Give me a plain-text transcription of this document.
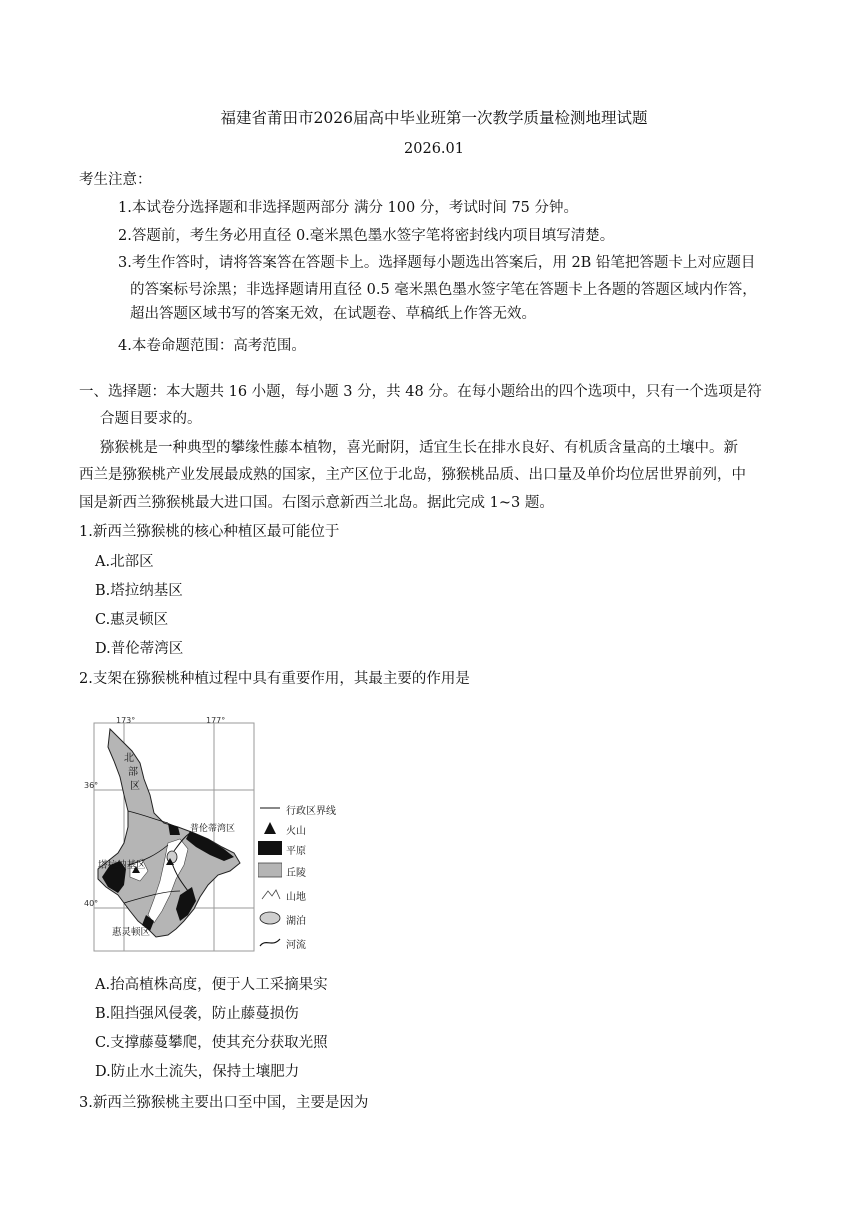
福建省莆田市2026届高中毕业班第一次教学质量检测地理试题
2026.01
考生注意：
1.本试卷分选择题和非选择题两部分 满分 100 分，考试时间 75 分钟。
2.答题前，考生务必用直径 0.毫米黑色墨水签字笔将密封线内项目填写清楚。
3.考生作答时，请将答案答在答题卡上。选择题每小题选出答案后，用 2B 铅笔把答题卡上对应题目
的答案标号涂黑；非选择题请用直径 0.5 毫米黑色墨水签字笔在答题卡上各题的答题区域内作答，
超出答题区域书写的答案无效，在试题卷、草稿纸上作答无效。
4.本卷命题范围：高考范围。
一、选择题：本大题共 16 小题，每小题 3 分，共 48 分。在每小题给出的四个选项中，只有一个选项是符
合题目要求的。
猕猴桃是一种典型的攀缘性藤本植物，喜光耐阴，适宜生长在排水良好、有机质含量高的土壤中。新
西兰是猕猴桃产业发展最成熟的国家，主产区位于北岛，猕猴桃品质、出口量及单价均位居世界前列，中
国是新西兰猕猴桃最大进口国。右图示意新西兰北岛。据此完成 1~3 题。
1.新西兰猕猴桃的核心种植区最可能位于
A.北部区
B.塔拉纳基区
C.惠灵顿区
D.普伦蒂湾区
2.支架在猕猴桃种植过程中具有重要作用，其最主要的作用是
173°	177°
36°
40°
北
部
区
普伦蒂湾区
塔拉纳基区
惠灵顿区
行政区界线
火山
平原
丘陵
山地
湖泊
河流
A.抬高植株高度，便于人工采摘果实
B.阻挡强风侵袭，防止藤蔓损伤
C.支撑藤蔓攀爬，使其充分获取光照
D.防止水土流失，保持土壤肥力
3.新西兰猕猴桃主要出口至中国，主要是因为
